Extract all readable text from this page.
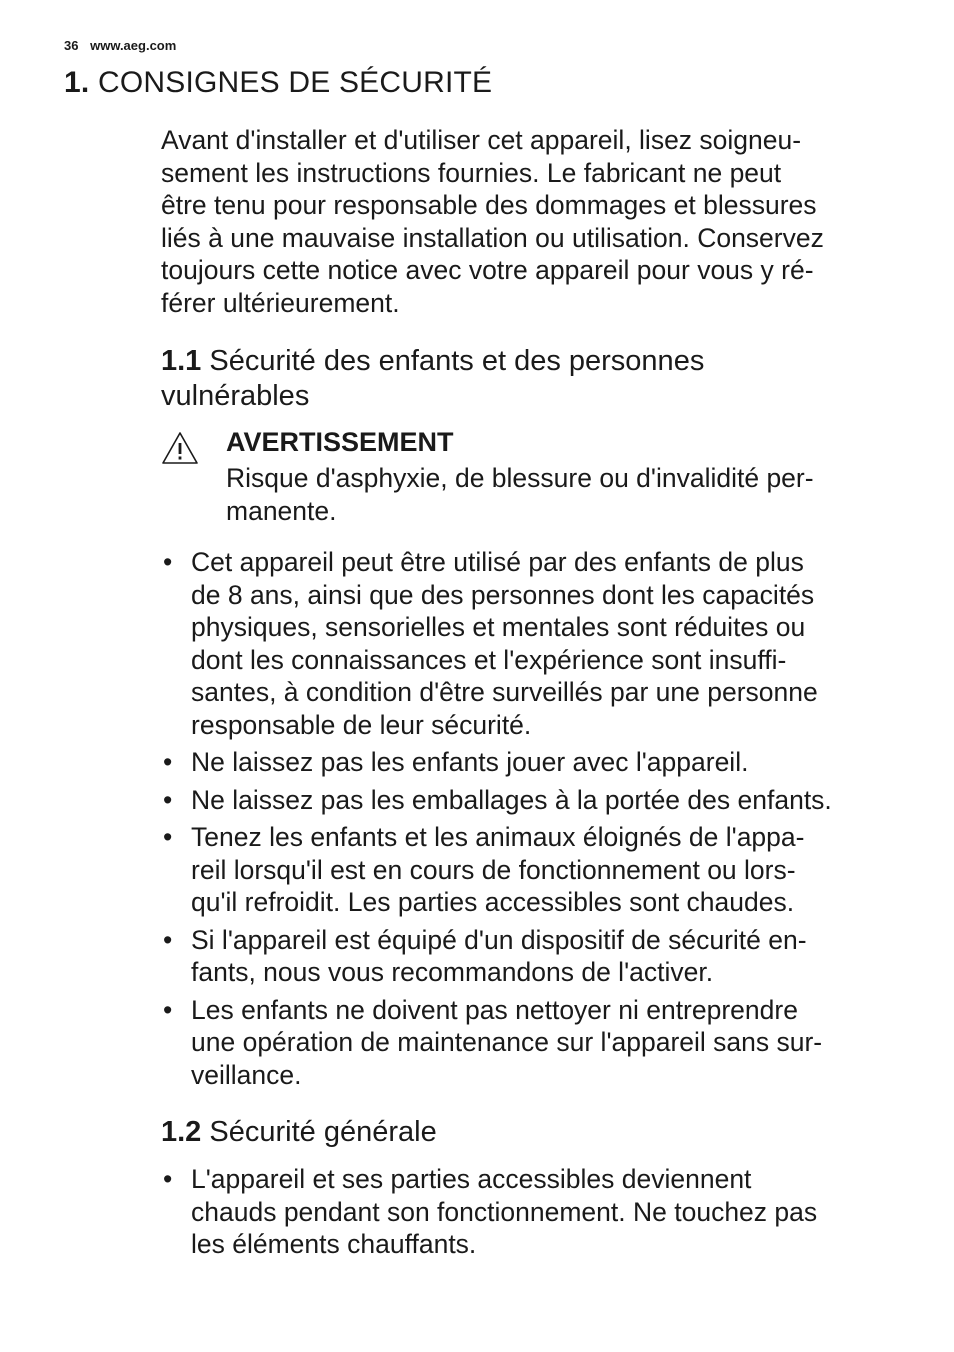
36 www.aeg.com
1. CONSIGNES DE SÉCURITÉ
Avant d'installer et d'utiliser cet appareil, lisez soigneu-
sement les instructions fournies. Le fabricant ne peut
être tenu pour responsable des dommages et blessures
liés à une mauvaise installation ou utilisation. Conservez
toujours cette notice avec votre appareil pour vous y ré-
férer ultérieurement.
1.1 Sécurité des enfants et des personnes
vulnérables
AVERTISSEMENT
Risque d'asphyxie, de blessure ou d'invalidité per-
manente.
• Cet appareil peut être utilisé par des enfants de plus
de 8 ans, ainsi que des personnes dont les capacités
physiques, sensorielles et mentales sont réduites ou
dont les connaissances et l'expérience sont insuffi-
santes, à condition d'être surveillés par une personne
responsable de leur sécurité.
• Ne laissez pas les enfants jouer avec l'appareil.
• Ne laissez pas les emballages à la portée des enfants.
• Tenez les enfants et les animaux éloignés de l'appa-
reil lorsqu'il est en cours de fonctionnement ou lors-
qu'il refroidit. Les parties accessibles sont chaudes.
• Si l'appareil est équipé d'un dispositif de sécurité en-
fants, nous vous recommandons de l'activer.
• Les enfants ne doivent pas nettoyer ni entreprendre
une opération de maintenance sur l'appareil sans sur-
veillance.
1.2 Sécurité générale
• L'appareil et ses parties accessibles deviennent
chauds pendant son fonctionnement. Ne touchez pas
les éléments chauffants.
